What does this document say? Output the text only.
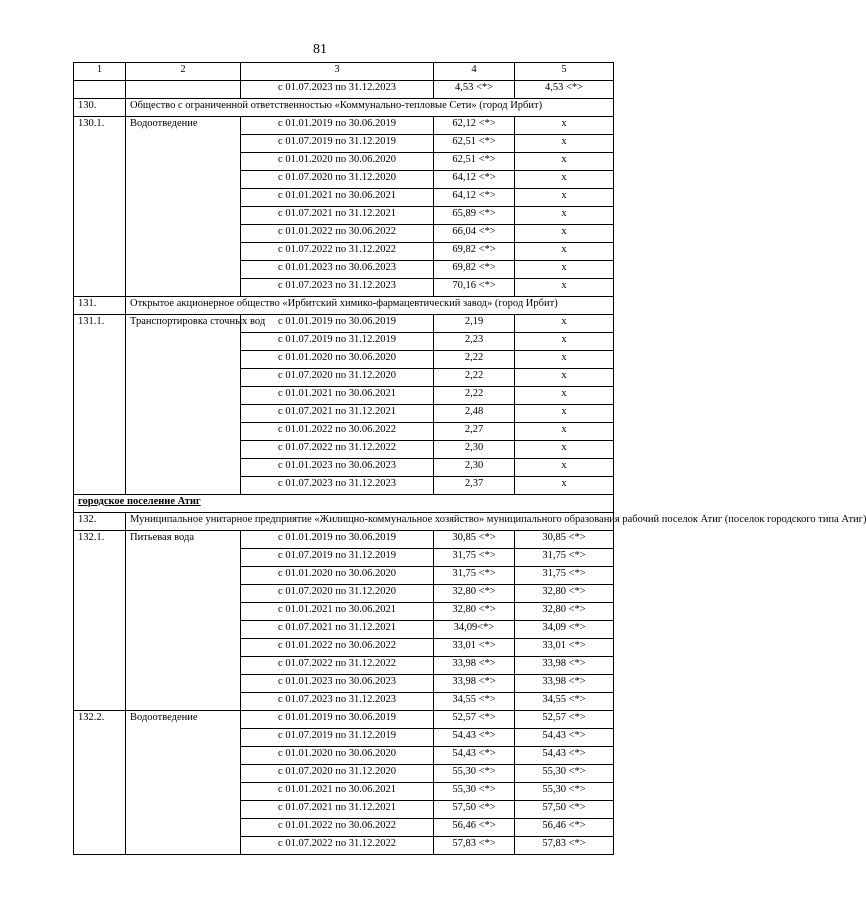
81
1	2	3	4	5
		с 01.07.2023 по 31.12.2023	4,53 <*>	4,53 <*>
130.	Общество с ограниченной ответственностью «Коммунально-тепловые Сети» (город Ирбит)			
130.1.	Водоотведение	с 01.01.2019 по 30.06.2019	62,12 <*>	х
		с 01.07.2019 по 31.12.2019	62,51 <*>	х
		с 01.01.2020 по 30.06.2020	62,51 <*>	х
		с 01.07.2020 по 31.12.2020	64,12 <*>	х
		с 01.01.2021 по 30.06.2021	64,12 <*>	х
		с 01.07.2021 по 31.12.2021	65,89 <*>	х
		с 01.01.2022 по 30.06.2022	66,04 <*>	х
		с 01.07.2022 по 31.12.2022	69,82 <*>	х
		с 01.01.2023 по 30.06.2023	69,82 <*>	х
		с 01.07.2023 по 31.12.2023	70,16 <*>	х
131.	Открытое акционерное общество «Ирбитский химико-фармацевтический завод» (город Ирбит)			
131.1.	Транспортировка сточных вод	с 01.01.2019 по 30.06.2019	2,19	х
		с 01.07.2019 по 31.12.2019	2,23	х
		с 01.01.2020 по 30.06.2020	2,22	х
		с 01.07.2020 по 31.12.2020	2,22	х
		с 01.01.2021 по 30.06.2021	2,22	х
		с 01.07.2021 по 31.12.2021	2,48	х
		с 01.01.2022 по 30.06.2022	2,27	х
		с 01.07.2022 по 31.12.2022	2,30	х
		с 01.01.2023 по 30.06.2023	2,30	х
		с 01.07.2023 по 31.12.2023	2,37	х
городское поселение Атиг				
132.	Муниципальное унитарное предприятие «Жилищно-коммунальное хозяйство» муниципального образования рабочий поселок Атиг (поселок городского типа Атиг)			
132.1.	Питьевая вода	с 01.01.2019 по 30.06.2019	30,85 <*>	30,85 <*>
		с 01.07.2019 по 31.12.2019	31,75 <*>	31,75 <*>
		с 01.01.2020 по 30.06.2020	31,75 <*>	31,75 <*>
		с 01.07.2020 по 31.12.2020	32,80 <*>	32,80 <*>
		с 01.01.2021 по 30.06.2021	32,80 <*>	32,80 <*>
		с 01.07.2021 по 31.12.2021	34,09<*>	34,09 <*>
		с 01.01.2022 по 30.06.2022	33,01 <*>	33,01 <*>
		с 01.07.2022 по 31.12.2022	33,98 <*>	33,98 <*>
		с 01.01.2023 по 30.06.2023	33,98 <*>	33,98 <*>
		с 01.07.2023 по 31.12.2023	34,55 <*>	34,55 <*>
132.2.	Водоотведение	с 01.01.2019 по 30.06.2019	52,57 <*>	52,57 <*>
		с 01.07.2019 по 31.12.2019	54,43 <*>	54,43 <*>
		с 01.01.2020 по 30.06.2020	54,43 <*>	54,43 <*>
		с 01.07.2020 по 31.12.2020	55,30 <*>	55,30 <*>
		с 01.01.2021 по 30.06.2021	55,30 <*>	55,30 <*>
		с 01.07.2021 по 31.12.2021	57,50 <*>	57,50 <*>
		с 01.01.2022 по 30.06.2022	56,46 <*>	56,46 <*>
		с 01.07.2022 по 31.12.2022	57,83 <*>	57,83 <*>
